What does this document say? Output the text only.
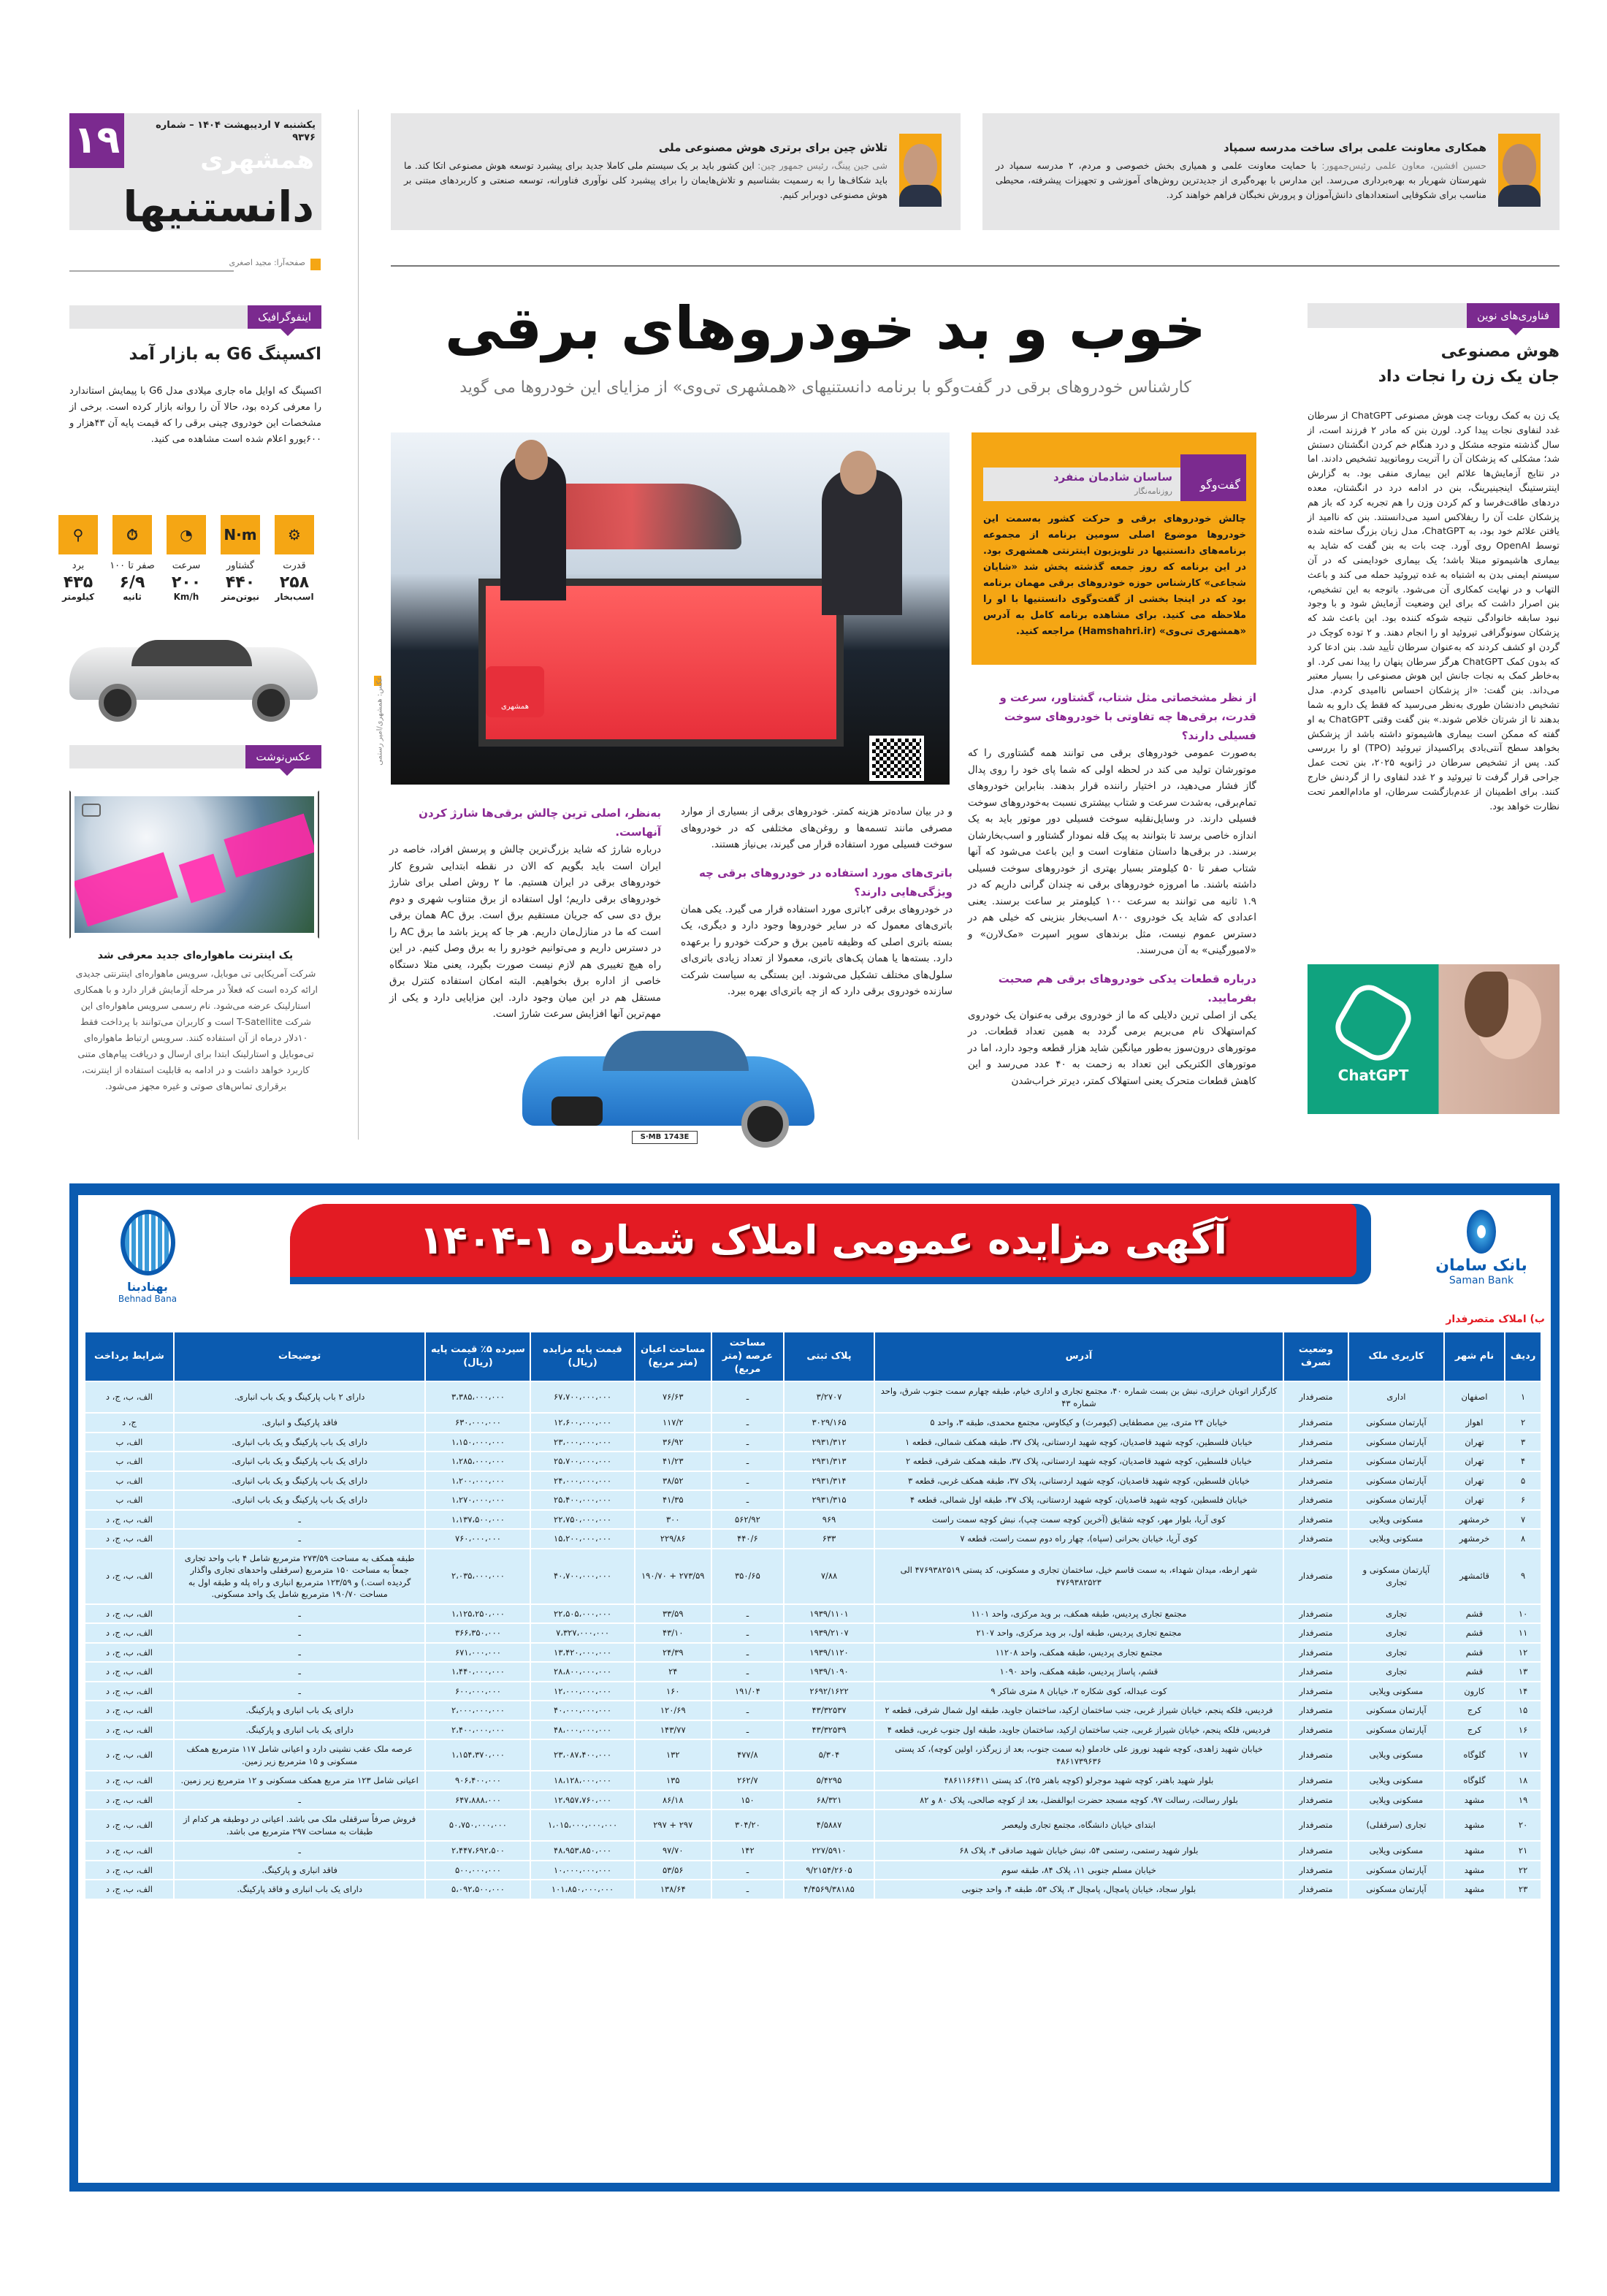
۱۹	یکشنبه ۷ اردیبهشت ۱۴۰۴ – شماره ۹۳۷۶
همشهری
دانستنیها
صفحه‌آرا: مجید اصغری
تلاش چین برای برتری هوش مصنوعی ملی

شی جین پینگ، رئیس جمهور چین: این کشور باید بر یک سیستم ملی کاملا جدید برای پیشبرد توسعه هوش مصنوعی اتکا کند. ما باید شکاف‌ها را به رسمیت بشناسیم و تلاش‌هایمان را برای پیشبرد کلی نوآوری فناورانه، توسعه صنعتی و کاربردهای مبتنی بر هوش مصنوعی دوبرابر کنیم.

همکاری معاونت علمی برای ساخت مدرسه سمپاد

حسین افشین، معاون علمی رئیس‌جمهور: با حمایت معاونت علمی و همیاری بخش خصوصی و مردم، ۲ مدرسه سمپاد در شهرستان شهریار به بهره‌برداری می‌رسد. این مدارس با بهره‌گیری از جدیدترین روش‌های آموزشی و تجهیزات پیشرفته، محیطی مناسب برای شکوفایی استعدادهای دانش‌آموزان و پرورش نخبگان فراهم خواهند کرد.

اینفوگرافیک
اکسپنگ G6 به بازار آمد
اکسپنگ که اوایل ماه جاری میلادی مدل G6 با پیمایش استاندارد را معرفی کرده بود، حالا آن را روانه بازار کرده است. برخی از مشخصات این خودروی چینی برقی را که قیمت پایه آن ۴۳هزار و ۶۰۰یورو اعلام شده است مشاهده می کنید.
⚙
قدرت
۲۵۸
اسب‌بخار
N·m
گشتاور
۴۴۰
نیوتن‌متر
◔
سرعت
۲۰۰
Km/h
⏱
صفر تا ۱۰۰
۶/۹
ثانیه
⚲
برد
۴۳۵
کیلومتر
عکس‌نوشت
یک اینترنت ماهواره‌ای جدید معرفی شد
شرکت آمریکایی تی موبایل، سرویس ماهواره‌ای اینترنتی جدیدی ارائه کرده است که فعلاً در مرحله آزمایش قرار دارد و با همکاری استارلینک عرضه می‌شود. نام رسمی سرویس ماهواره‌ای این شرکت T-Satellite است و کاربران می‌توانند با پرداخت فقط ۱۰دلار درماه از آن استفاده کنند. سرویس ارتباط ماهواره‌ای تی‌موبایل و استارلینک ابتدا برای ارسال و دریافت پیام‌های متنی کاربرد خواهد داشت و در ادامه به قابلیت استفاده از اینترنت، برقراری تماس‌های صوتی و غیره مجهز می‌شود.
خوب و بد خودروهای برقی
کارشناس خودروهای برقی در گفت‌وگو با برنامه دانستنیهای «همشهری تی‌وی» از مزایای این خودروها می گوید
همشهری
عکس: همشهری/امیر رستمی
گفت‌وگو
ساسان شادمان منفرد
روزنامه‌نگار
چالش خودروهای برقی و حرکت کشور به‌سمت این خودروها موضوع اصلی سومین برنامه از مجموعه برنامه‌های دانستنیها در تلویزیون اینترنتی همشهری بود. در این برنامه که روز جمعه گذشته پخش شد «شایان شجاعی» کارشناس حوزه خودروهای برقی مهمان برنامه بود که در اینجا بخشی از گفت‌وگوی دانستنیها با او را ملاحظه می کنید. برای مشاهده برنامه کامل به آدرس «همشهری تی‌وی» (Hamshahri.ir) مراجعه کنید.
از نظر مشخصاتی مثل شتاب، گشتاور، سرعت و قدرت، برقی‌ها چه تفاوتی با خودروهای سوخت فسیلی دارند؟
به‌صورت عمومی خودروهای برقی می توانند همه گشتاوری را که موتورشان تولید می کند در لحظه اولی که شما پای خود را روی پدال گاز فشار می‌دهید، در اختیار راننده قرار بدهند. بنابراین خودروهای تمام‌برقی، به‌شدت سرعت و شتاب بیشتری نسبت به‌خودروهای سوخت فسیلی دارند. در وسایل‌نقلیه سوخت فسیلی دور موتور باید به یک اندازه خاصی برسد تا بتوانند به پیک قله نمودار گشتاور و اسب‌بخارشان برسند. در برقی‌ها داستان متفاوت است و این باعث می‌شود که آنها شتاب صفر تا ۵۰ کیلومتر بسیار بهتری از خودروهای سوخت فسیلی داشته باشند. ما امروزه خودروهای برقی نه چندان گرانی داریم که در ۱.۹ ثانیه می توانند به سرعت ۱۰۰ کیلومتر بر ساعت برسند. یعنی اعدادی که شاید یک خودروی ۸۰۰ اسب‌بخار بنزینی که خیلی هم در دسترس عموم نیست، مثل برندهای سوپر اسپرت «مک‌لارن» و «لامبورگینی» به آن می‌رسند.
درباره قطعات یدکی خودروهای برقی هم صحبت بفرمایید.
یکی از اصلی ترین دلایلی که ما از خودروی برقی به‌عنوان یک خودروی کم‌استهلاک نام می‌بریم برمی گردد به همین تعداد قطعات. در موتورهای درون‌سوز به‌طور میانگین شاید هزار قطعه وجود دارد، اما در موتورهای الکتریکی این تعداد به زحمت به ۴۰ عدد می‌رسد و این کاهش قطعات متحرک یعنی استهلاک کمتر، دیرتر خراب‌شدن
و در بیان ساده‌تر هزینه کمتر. خودروهای برقی از بسیاری از موارد مصرفی مانند تسمه‌ها و روغن‌های مختلفی که در خودروهای سوخت فسیلی مورد استفاده قرار می گیرند، بی‌نیاز هستند.
باتری‌های مورد استفاده در خودروهای برقی چه ویژگی‌هایی دارند؟
در خودروهای برقی ۲باتری مورد استفاده قرار می گیرد. یکی همان باتری‌های معمول که در سایر خودروها وجود دارد و دیگری، یک بسته باتری اصلی که وظیفه تامین برق و حرکت خودرو را برعهده دارد. بسته‌ها یا همان پک‌های باتری، معمولا از تعداد زیادی باتری‌ای سلول‌های مختلف تشکیل می‌شوند. این بستگی به سیاست شرکت سازنده خودروی برقی دارد که از چه باتری‌ای بهره ببرد.
به‌نظر، اصلی ترین چالش برقی‌ها شارژ کردن آنهاست.
درباره شارژ که شاید بزرگ‌ترین چالش و پرسش افراد، خاصه در ایران است باید بگویم که الان در نقطه ابتدایی شروع کار خودروهای برقی در ایران هستیم. ما ۲ روش اصلی برای شارژ خودروهای برقی داریم؛ اول استفاده از برق متناوب شهری و دوم برق دی سی که جریان مستقیم برق است. برق AC همان برقی است که ما در منازل‌مان داریم. هر جا که پریز باشد ما برق AC را در دسترس داریم و می‌توانیم خودرو را به برق وصل کنیم. در این راه هیچ تغییری هم لازم نیست صورت بگیرد، یعنی مثلا دستگاه خاصی از اداره برق بخواهیم. البته امکان استفاده کنترل برق مستقل هم در این میان وجود دارد. این مزایایی دارد و یکی از مهم‌ترین آنها افزایش سرعت شارژ است.
S·MB 1743E
فناوری‌های نوین
هوش مصنوعی
جان یک زن را نجات داد
یک زن به کمک روبات چت هوش مصنوعی ChatGPT از سرطان غدد لنفاوی نجات پیدا کرد. لورن بنن که مادر ۲ فرزند است، از سال گذشته متوجه مشکل و درد هنگام خم کردن انگشتان دستش شد؛ مشکلی که پزشکان آن را آتریت روماتویید تشخیص دادند. اما در نتایج آزمایش‌ها علائم این بیماری منفی بود. به گزارش اینترستینگ اینجینیرینگ، بنن در ادامه درد در انگشتان، معده دردهای طاقت‌فرسا و کم کردن وزن را هم تجربه کرد که باز هم پزشکان علت آن را ریفلاکس اسید می‌دانستند. بنن که ناامید از یافتن علائم خود بود، به ChatGPT، مدل زبان بزرگ ساخته شده توسط OpenAI روی آورد. چت بات به بنن گفت که شاید به بیماری هاشیموتو مبتلا باشد؛ یک بیماری خودایمنی که در آن سیستم ایمنی بدن به اشتباه به غده تیروئید حمله می کند و باعث التهاب و در نهایت کمکاری آن می‌شود. باتوجه به این تشخیص، بنن اصرار داشت که برای این وضعیت آزمایش شود و با وجود نبود سابقه خانوادگی نتیجه شوکه کننده بود. این باعث شد که پزشکان سونوگرافی تیروئید او را انجام دهند. و ۲ توده کوچک در گردن او کشف کردند که به‌عنوان سرطان تأیید شد. بنن ادعا کرد که بدون کمک ChatGPT هرگز سرطان پنهان را پیدا نمی کرد. او به‌خاطر کمک به نجات جانش این هوش مصنوعی را بسیار معتبر می‌داند. بنن گفت: «از پزشکان احساس ناامیدی کردم. مدل تشخیص دادنشان طوری به‌نظر می‌رسید که فقط یک دارو به شما بدهند تا از شرتان خلاص شوند.» بنن گفت وقتی ChatGPT به او گفته که ممکن است بیماری هاشیموتو داشته باشد از پزشکش بخواهد سطح آنتی‌بادی پراکسیداز تیروئید (TPO) او را بررسی کند. پس از تشخیص سرطان در ژانویه ۲۰۲۵، بنن تحت عمل جراحی قرار گرفت تا تیروئید و ۲ غدد لنفاوی را از گردنش خارج کنند. برای اطمینان از عدم‌بازگشت سرطان، او مادام‌العمر تحت نظارت خواهد بود.
ChatGPT
بهنادبنا
Behnad Bana
آگهی مزایده عمومی املاک شماره ۱-۱۴۰۴
بانک سامان
Saman Bank
ب) املاک متصرفدار
ردیف	نام شهر	کاربری ملک	وضعیت تصرف	آدرس	پلاک ثبتی	مساحت عرصه (متر مربع)	مساحت اعیان (متر مربع)	قیمت پایه مزایده (ریال)	سپرده ۵٪ قیمت پایه (ریال)	توضیحات	شرایط پرداخت
۱	اصفهان	اداری	متصرفدار	کارگزار اتوبان خرازی، نبش بن بست شماره ۴۰، مجتمع تجاری و اداری خیام، طبقه چهارم سمت جنوب شرق، واحد شماره ۴۳	۳/۲۷۰۷	ـ	۷۶/۶۳	۶۷،۷۰۰،۰۰۰،۰۰۰	۳،۳۸۵،۰۰۰،۰۰۰	دارای ۲ باب پارکینگ و یک باب انباری.	الف، ب، ج، د
۲	اهواز	آپارتمان مسکونی	متصرفدار	خیابان ۲۴ متری، بین مصطفایی (کیومرث) و کیکاوس، مجتمع محمدی، طبقه ۳، واحد ۵	۳۰۲۹/۱۶۵	ـ	۱۱۷/۲	۱۲،۶۰۰،۰۰۰،۰۰۰	۶۳۰،۰۰۰،۰۰۰	فاقد پارکینگ و انباری.	ج، د
۳	تهران	آپارتمان مسکونی	متصرفدار	خیابان فلسطین، کوچه شهید قاصدیان، کوچه شهید اردستانی، پلاک ۳۷، طبقه همکف شمالی، قطعه ۱	۲۹۳۱/۳۱۲	ـ	۳۶/۹۲	۲۳،۰۰۰،۰۰۰،۰۰۰	۱،۱۵۰،۰۰۰،۰۰۰	دارای یک باب پارکینگ و یک باب انباری.	الف، ب
۴	تهران	آپارتمان مسکونی	متصرفدار	خیابان فلسطین، کوچه شهید قاصدیان، کوچه شهید اردستانی، پلاک ۳۷، طبقه همکف شرقی، قطعه ۲	۲۹۳۱/۳۱۳	ـ	۴۱/۲۳	۲۵،۷۰۰،۰۰۰،۰۰۰	۱،۲۸۵،۰۰۰،۰۰۰	دارای یک باب پارکینگ و یک باب انباری.	الف، ب
۵	تهران	آپارتمان مسکونی	متصرفدار	خیابان فلسطین، کوچه شهید قاصدیان، کوچه شهید اردستانی، پلاک ۳۷، طبقه همکف غربی، قطعه ۳	۲۹۳۱/۳۱۴	ـ	۳۸/۵۲	۲۴،۰۰۰،۰۰۰،۰۰۰	۱،۲۰۰،۰۰۰،۰۰۰	دارای یک باب پارکینگ و یک باب انباری.	الف، ب
۶	تهران	آپارتمان مسکونی	متصرفدار	خیابان فلسطین، کوچه شهید قاصدیان، کوچه شهید اردستانی، پلاک ۳۷، طبقه اول شمالی، قطعه ۴	۲۹۳۱/۳۱۵	ـ	۴۱/۳۵	۲۵،۴۰۰،۰۰۰،۰۰۰	۱،۲۷۰،۰۰۰،۰۰۰	دارای یک باب پارکینگ و یک باب انباری.	الف، ب
۷	خرمشهر	مسکونی ویلایی	متصرفدار	کوی آریا، بلوار مهر، کوچه شقایق (آخرین کوچه سمت چپ)، نبش کوچه سمت راست	۹۶۹	۵۶۲/۹۲	۳۰۰	۲۲،۷۵۰،۰۰۰،۰۰۰	۱،۱۳۷،۵۰۰،۰۰۰	ـ	الف، ب، ج، د
۸	خرمشهر	مسکونی ویلایی	متصرفدار	کوی آریا، خیابان بحرانی (سپاه)، چهار راه دوم سمت راست، قطعه ۷	۶۳۳	۴۴۰/۶	۲۲۹/۸۶	۱۵،۲۰۰،۰۰۰،۰۰۰	۷۶۰،۰۰۰،۰۰۰	ـ	الف، ب، ج، د
۹	قائمشهر	آپارتمان مسکونی و تجاری	متصرفدار	شهر ارطه، میدان شهداء، به سمت قاسم خیل، ساختمان تجاری و مسکونی، کد پستی ۴۷۶۹۳۸۲۵۱۹ الی ۴۷۶۹۳۸۲۵۲۳	۷/۸۸	۳۵۰/۶۵	۲۷۳/۵۹ + ۱۹۰/۷۰	۴۰،۷۰۰،۰۰۰،۰۰۰	۲،۰۳۵،۰۰۰،۰۰۰	طبقه همکف به مساحت ۲۷۳/۵۹ مترمربع شامل ۴ باب واحد تجاری جمعاً به مساحت ۱۵۰ مترمربع (سرقفلی واحدهای تجاری واگذار گردیده است.) و ۱۲۳/۵۹ مترمربع انباری و راه پله و طبقه اول به مساحت ۱۹۰/۷۰ مترمربع شامل یک واحد مسکونی.	الف، ب، ج، د
۱۰	قشم	تجاری	متصرفدار	مجتمع تجاری پردیس، طبقه همکف، بر وید مرکزی، واحد ۱۱۰۱	۱۹۳۹/۱۱۰۱	ـ	۳۳/۵۹	۲۲،۵۰۵،۰۰۰،۰۰۰	۱،۱۲۵،۲۵۰،۰۰۰	ـ	الف، ب، ج، د
۱۱	قشم	تجاری	متصرفدار	مجتمع تجاری پردیس، طبقه اول، بر وید مرکزی، واحد ۲۱۰۷	۱۹۳۹/۲۱۰۷	ـ	۴۳/۱۰	۷،۳۲۷،۰۰۰،۰۰۰	۳۶۶،۳۵۰،۰۰۰	ـ	الف، ب، ج، د
۱۲	قشم	تجاری	متصرفدار	مجتمع تجاری پردیس، طبقه همکف، واحد ۱۱۲۰۸	۱۹۳۹/۱۱۲۰	ـ	۲۴/۳۹	۱۳،۴۲۰،۰۰۰،۰۰۰	۶۷۱،۰۰۰،۰۰۰	ـ	الف، ب، ج، د
۱۳	قشم	تجاری	متصرفدار	قشم، پاساژ پردیس، طبقه همکف، واحد ۱۰۹۰	۱۹۳۹/۱۰۹۰	ـ	۲۴	۲۸،۸۰۰،۰۰۰،۰۰۰	۱،۴۴۰،۰۰۰،۰۰۰	ـ	الف، ب، ج، د
۱۴	کارون	مسکونی ویلایی	متصرفدار	کوت عبداله، کوی شکاره ۲، خیابان ۸ متری شاکر ۹	۲۶۹۲/۱۶۲۲	۱۹۱/۰۴	۱۶۰	۱۲،۰۰۰،۰۰۰،۰۰۰	۶۰۰،۰۰۰،۰۰۰	ـ	الف، ب، ج، د
۱۵	کرج	آپارتمان مسکونی	متصرفدار	فردیس، فلکه پنجم، خیابان شیراز غربی، جنب ساختمان ارکید، ساختمان جاوید، طبقه اول شمال شرقی، قطعه ۲	۴۳/۳۲۵۳۷	ـ	۱۲۰/۶۹	۴۰،۰۰۰،۰۰۰،۰۰۰	۲،۰۰۰،۰۰۰،۰۰۰	دارای یک باب انباری و پارکینگ.	الف، ب، ج، د
۱۶	کرج	آپارتمان مسکونی	متصرفدار	فردیس، فلکه پنجم، خیابان شیراز غربی، جنب ساختمان ارکید، ساختمان جاوید، طبقه اول جنوب غربی، قطعه ۴	۴۳/۳۲۵۳۹	ـ	۱۴۳/۷۷	۴۸،۰۰۰،۰۰۰،۰۰۰	۲،۴۰۰،۰۰۰،۰۰۰	دارای یک باب انباری و پارکینگ.	الف، ب، ج، د
۱۷	گلوگاه	مسکونی ویلایی	متصرفدار	خیابان شهید زاهدی، کوچه شهید نوروز علی خادملو (به سمت جنوب، بعد از زیرگذر، اولین کوچه)، کد پستی ۴۸۶۱۷۳۹۶۳۶	۵/۳۰۴	۴۷۷/۸	۱۳۲	۲۳،۰۸۷،۴۰۰،۰۰۰	۱،۱۵۴،۳۷۰،۰۰۰	عرصه ملک عقب نشینی دارد و اعیانی شامل ۱۱۷ مترمربع همکف مسکونی و ۱۵ مترمربع زیر زمین.	الف، ب، ج، د
۱۸	گلوگاه	مسکونی ویلایی	متصرفدار	بلوار شهید باهنر، کوچه شهید موجرلو (کوچه باهنر ۲۵)، کد پستی ۴۸۶۱۱۶۶۴۱۱	۵/۴۲۹۵	۲۶۲/۷	۱۳۵	۱۸،۱۲۸،۰۰۰،۰۰۰	۹۰۶،۴۰۰،۰۰۰	اعیانی شامل ۱۲۳ متر مربع همکف مسکونی و ۱۲ مترمربع زیر زمین.	الف، ب، ج، د
۱۹	مشهد	مسکونی ویلایی	متصرفدار	بلوار رسالت، رسالت ۹۷، کوچه مسجد حضرت ابوالفضل، بعد از کوچه صالحی، پلاک ۸۰ و ۸۲	۶۸/۳۲۱	۱۵۰	۸۶/۱۸	۱۲،۹۵۷،۷۶۰،۰۰۰	۶۴۷،۸۸۸،۰۰۰	ـ	الف، ب، ج، د
۲۰	مشهد	تجاری (سرقفلی)	متصرفدار	ابتدای خیابان دانشگاه، مجتمع تجاری ولیعصر	۴/۵۸۸۷	۳۰۴/۲۰	۲۹۷ + ۲۹۷	۱،۰۱۵،۰۰۰،۰۰۰،۰۰۰	۵۰،۷۵۰،۰۰۰،۰۰۰	فروش صرفاً سرقفلی ملک می باشد. اعیانی در دوطبقه هر کدام از طبقات به مساحت ۲۹۷ مترمربع می باشد.	الف، ب، ج، د
۲۱	مشهد	مسکونی ویلایی	متصرفدار	بلوار شهید رستمی، رستمی ۵۴، نبش خیابان شهید صادقی ۴، پلاک ۶۸	۲۲۷/۵۹۱۰	۱۴۲	۹۷/۷۰	۴۸،۹۵۳،۸۵۰،۰۰۰	۲،۴۴۷،۶۹۲،۵۰۰	ـ	الف، ب، ج، د
۲۲	مشهد	آپارتمان مسکونی	متصرفدار	خیابان مسلم جنوبی ۱۱، پلاک ۸۴، طبقه سوم	۹/۲۱۵۴/۲۶۰۵	ـ	۵۳/۵۶	۱۰،۰۰۰،۰۰۰،۰۰۰	۵۰۰،۰۰۰،۰۰۰	فاقد انباری و پارکینگ.	الف، ب، ج، د
۲۳	مشهد	آپارتمان مسکونی	متصرفدار	بلوار سجاد، خیابان پامچال، پامچال ۳، پلاک ۵۳، طبقه ۴، واحد جنوبی	۴/۴۵۶۹/۳۸۱۸۵	ـ	۱۳۸/۶۴	۱۰۱،۸۵۰،۰۰۰،۰۰۰	۵،۰۹۲،۵۰۰،۰۰۰	دارای یک باب انباری و فاقد پارکینگ.	الف، ب، ج، د
